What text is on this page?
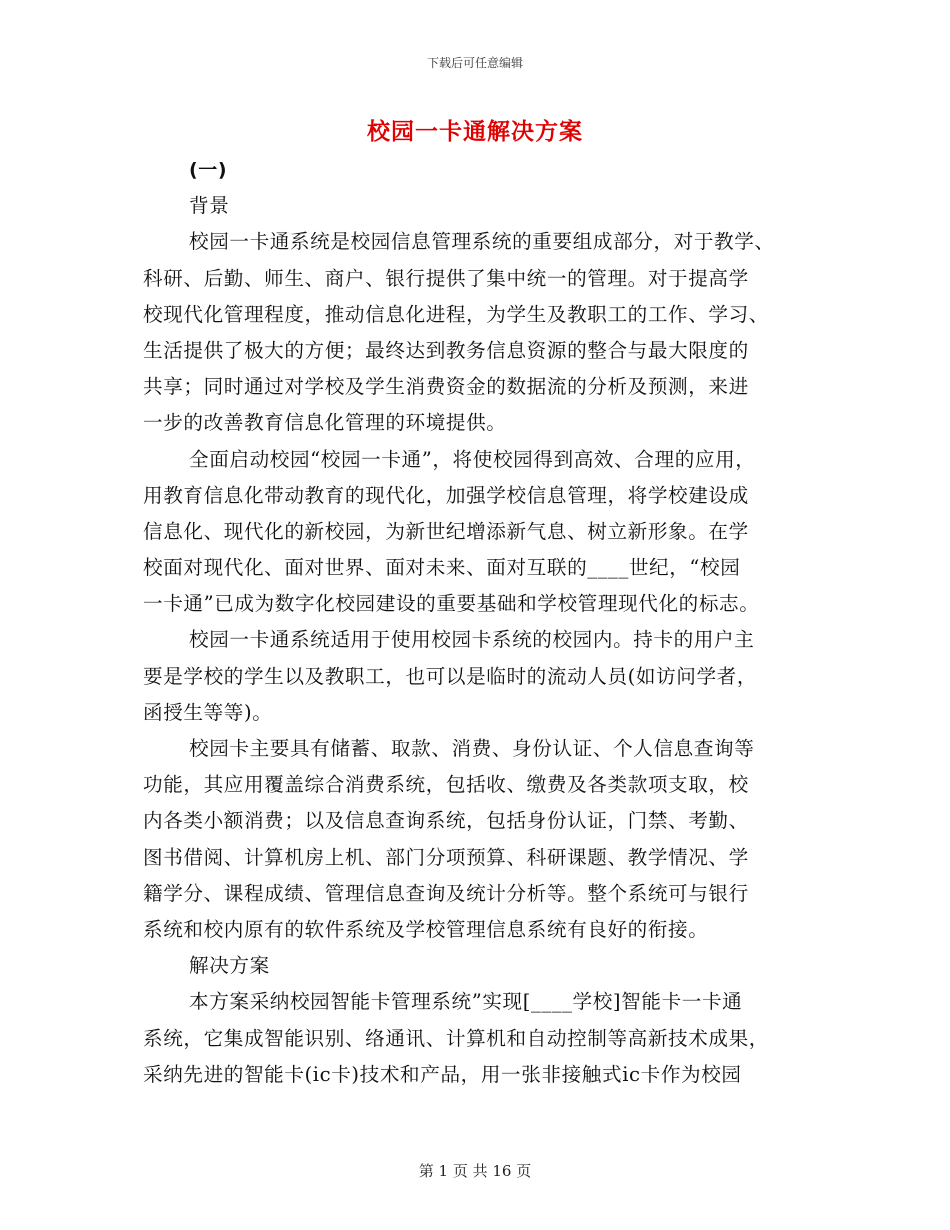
下载后可任意编辑
校园一卡通解决方案
(一)
背景
校园一卡通系统是校园信息管理系统的重要组成部分，对于教学、
科研、后勤、师生、商户、银行提供了集中统一的管理。对于提高学
校现代化管理程度，推动信息化进程，为学生及教职工的工作、学习、
生活提供了极大的方便；最终达到教务信息资源的整合与最大限度的
共享；同时通过对学校及学生消费资金的数据流的分析及预测，来进
一步的改善教育信息化管理的环境提供。
全面启动校园“校园一卡通”，将使校园得到高效、合理的应用，
用教育信息化带动教育的现代化，加强学校信息管理，将学校建设成
信息化、现代化的新校园，为新世纪增添新气息、树立新形象。在学
校面对现代化、面对世界、面对未来、面对互联的____世纪，“校园
一卡通”已成为数字化校园建设的重要基础和学校管理现代化的标志。
校园一卡通系统适用于使用校园卡系统的校园内。持卡的用户主
要是学校的学生以及教职工，也可以是临时的流动人员(如访问学者，
函授生等等)。
校园卡主要具有储蓄、取款、消费、身份认证、个人信息查询等
功能，其应用覆盖综合消费系统，包括收、缴费及各类款项支取，校
内各类小额消费；以及信息查询系统，包括身份认证，门禁、考勤、
图书借阅、计算机房上机、部门分项预算、科研课题、教学情况、学
籍学分、课程成绩、管理信息查询及统计分析等。整个系统可与银行
系统和校内原有的软件系统及学校管理信息系统有良好的衔接。
解决方案
本方案采纳校园智能卡管理系统”实现[____学校]智能卡一卡通
系统，它集成智能识别、络通讯、计算机和自动控制等高新技术成果，
采纳先进的智能卡(ic卡)技术和产品，用一张非接触式ic卡作为校园
第 1 页 共 16 页
